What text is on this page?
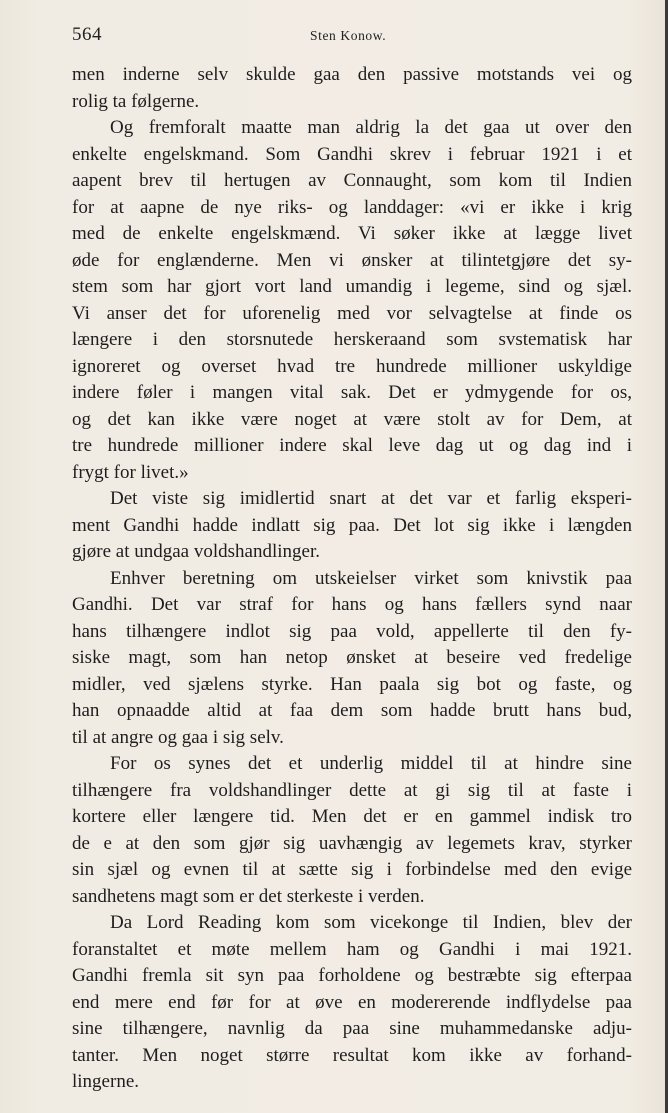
564	Sten Konow.
men inderne selv skulde gaa den passive motstands vei og
rolig ta følgerne.
Og fremforalt maatte man aldrig la det gaa ut over den
enkelte engelskmand. Som Gandhi skrev i februar 1921 i et
aapent brev til hertugen av Connaught, som kom til Indien
for at aapne de nye riks- og landdager: «vi er ikke i krig
med de enkelte engelskmænd. Vi søker ikke at lægge livet
øde for englænderne. Men vi ønsker at tilintetgjøre det sy-
stem som har gjort vort land umandig i legeme, sind og sjæl.
Vi anser det for uforenelig med vor selvagtelse at finde os
længere i den storsnutede herskeraand som svstematisk har
ignoreret og overset hvad tre hundrede millioner uskyldige
indere føler i mangen vital sak. Det er ydmygende for os,
og det kan ikke være noget at være stolt av for Dem, at
tre hundrede millioner indere skal leve dag ut og dag ind i
frygt for livet.»
Det viste sig imidlertid snart at det var et farlig eksperi-
ment Gandhi hadde indlatt sig paa. Det lot sig ikke i længden
gjøre at undgaa voldshandlinger.
Enhver beretning om utskeielser virket som knivstik paa
Gandhi. Det var straf for hans og hans fællers synd naar
hans tilhængere indlot sig paa vold, appellerte til den fy-
siske magt, som han netop ønsket at beseire ved fredelige
midler, ved sjælens styrke. Han paala sig bot og faste, og
han opnaadde altid at faa dem som hadde brutt hans bud,
til at angre og gaa i sig selv.
For os synes det et underlig middel til at hindre sine
tilhængere fra voldshandlinger dette at gi sig til at faste i
kortere eller længere tid. Men det er en gammel indisk tro
de e at den som gjør sig uavhængig av legemets krav, styrker
sin sjæl og evnen til at sætte sig i forbindelse med den evige
sandhetens magt som er det sterkeste i verden.
Da Lord Reading kom som vicekonge til Indien, blev der
foranstaltet et møte mellem ham og Gandhi i mai 1921.
Gandhi fremla sit syn paa forholdene og bestræbte sig efterpaa
end mere end før for at øve en modererende indflydelse paa
sine tilhængere, navnlig da paa sine muhammedanske adju-
tanter. Men noget større resultat kom ikke av forhand-
lingerne.
